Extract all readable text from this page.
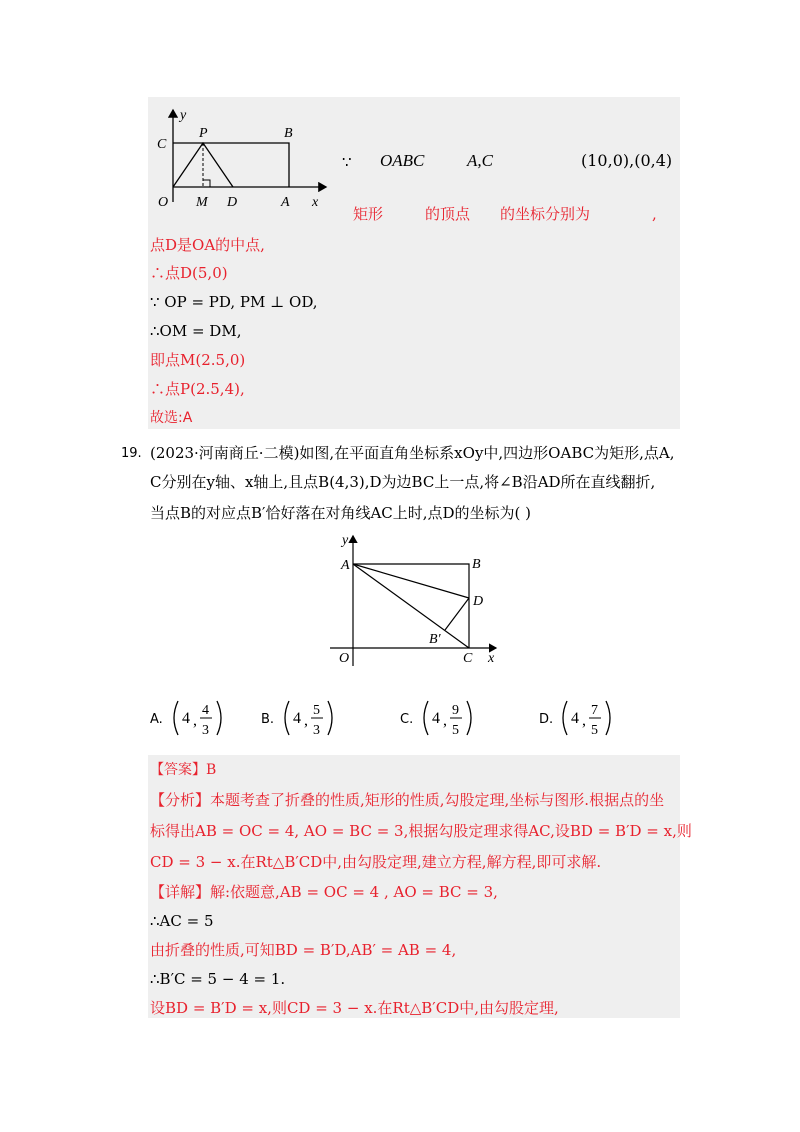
y
P	B
C
O M D	A x
∵ OABC	A,C	(10,0),(0,4)
矩形	的顶点 的坐标分别为	,
点D是OA的中点,
∴点D(5,0)
∵ OP = PD, PM ⊥ OD,
∴OM = DM,
即点M(2.5,0)
∴点P(2.5,4),
故选:A
19. (2023·河南商丘·二模)如图,在平面直角坐标系xOy中,四边形OABC为矩形,点A,
C分别在y轴、x轴上,且点B(4,3),D为边BC上一点,将∠B沿AD所在直线翻折,
当点B的对应点B′恰好落在对角线AC上时,点D的坐标为( )
y
A	B
D
B′
O	C x
A. 4 ,
4
3
B. 4 ,
5
3
C. 4 ,
9
5
D. 4 ,
7
5
【答案】B
【分析】本题考查了折叠的性质,矩形的性质,勾股定理,坐标与图形.根据点的坐
标得出AB = OC = 4, AO = BC = 3,根据勾股定理求得AC,设BD = B′D = x,则
CD = 3 − x.在Rt△B′CD中,由勾股定理,建立方程,解方程,即可求解.
【详解】解:依题意,AB = OC = 4 , AO = BC = 3,
∴AC = 5
由折叠的性质,可知BD = B′D,AB′ = AB = 4,
∴B′C = 5 − 4 = 1.
设BD = B′D = x,则CD = 3 − x.在Rt△B′CD中,由勾股定理,
